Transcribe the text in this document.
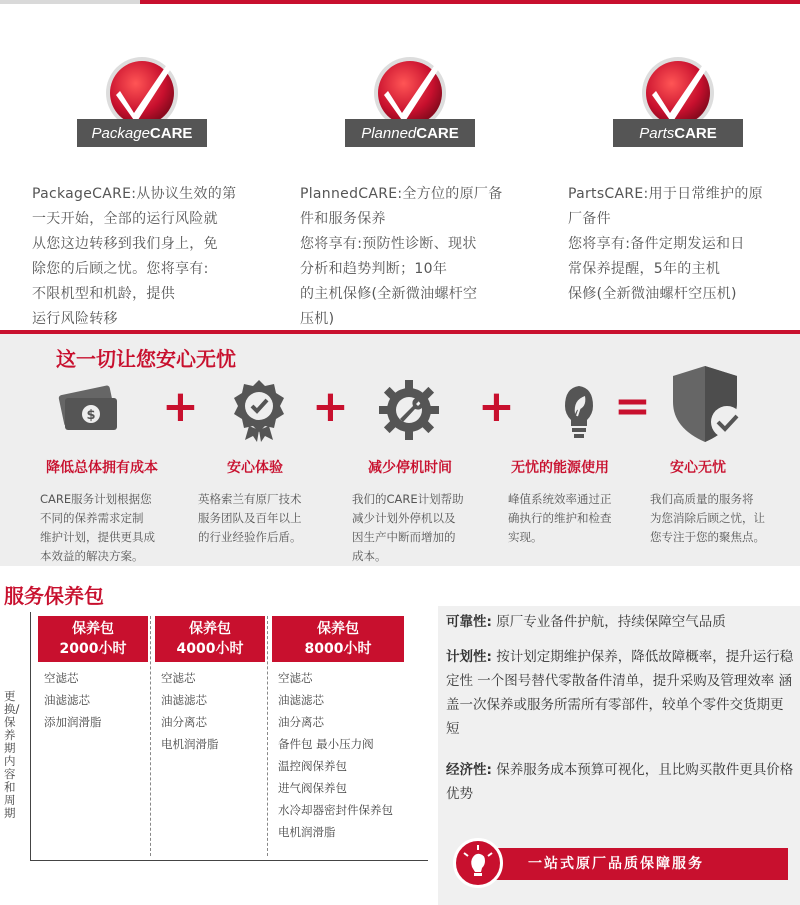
PackageCARE
PackageCARE:从协议生效的第
一天开始，全部的运行风险就
从您这边转移到我们身上，免
除您的后顾之忧。您将享有:
不限机型和机龄，提供
运行风险转移
PlannedCARE
PlannedCARE:全方位的原厂备
件和服务保养
您将享有:预防性诊断、现状
分析和趋势判断；10年
的主机保修(全新微油螺杆空
压机)
PartsCARE
PartsCARE:用于日常维护的原
厂备件
您将享有:备件定期发运和日
常保养提醒，5年的主机
保修(全新微油螺杆空压机)
这一切让您安心无忧
$
降低总体拥有成本
CARE服务计划根据您
不同的保养需求定制
维护计划，提供更具成
本效益的解决方案。
安心体验
英格索兰有原厂技术
服务团队及百年以上
的行业经验作后盾。
减少停机时间
我们的CARE计划帮助
减少计划外停机以及
因生产中断而增加的
成本。
无忧的能源使用
峰值系统效率通过正
确执行的维护和检查
实现。
安心无忧
我们高质量的服务将
为您消除后顾之忧，让
您专注于您的聚焦点。
+	+	+ =
服务保养包
更换/保养期内容和周期
保养包
2000小时
空滤芯
油滤滤芯
添加润滑脂
保养包
4000小时
空滤芯
油滤滤芯
油分离芯
电机润滑脂
保养包
8000小时
空滤芯
油滤滤芯
油分离芯
备件包 最小压力阀
温控阀保养包
进气阀保养包
水冷却器密封件保养包
电机润滑脂
可靠性: 原厂专业备件护航，持续保障空气品质
计划性: 按计划定期维护保养，降低故障概率，提升运行稳定性 一个图号替代零散备件清单，提升采购及管理效率 涵盖一次保养或服务所需所有零部件，较单个零件交货期更短
经济性: 保养服务成本预算可视化，且比购买散件更具价格优势
一站式原厂品质保障服务
